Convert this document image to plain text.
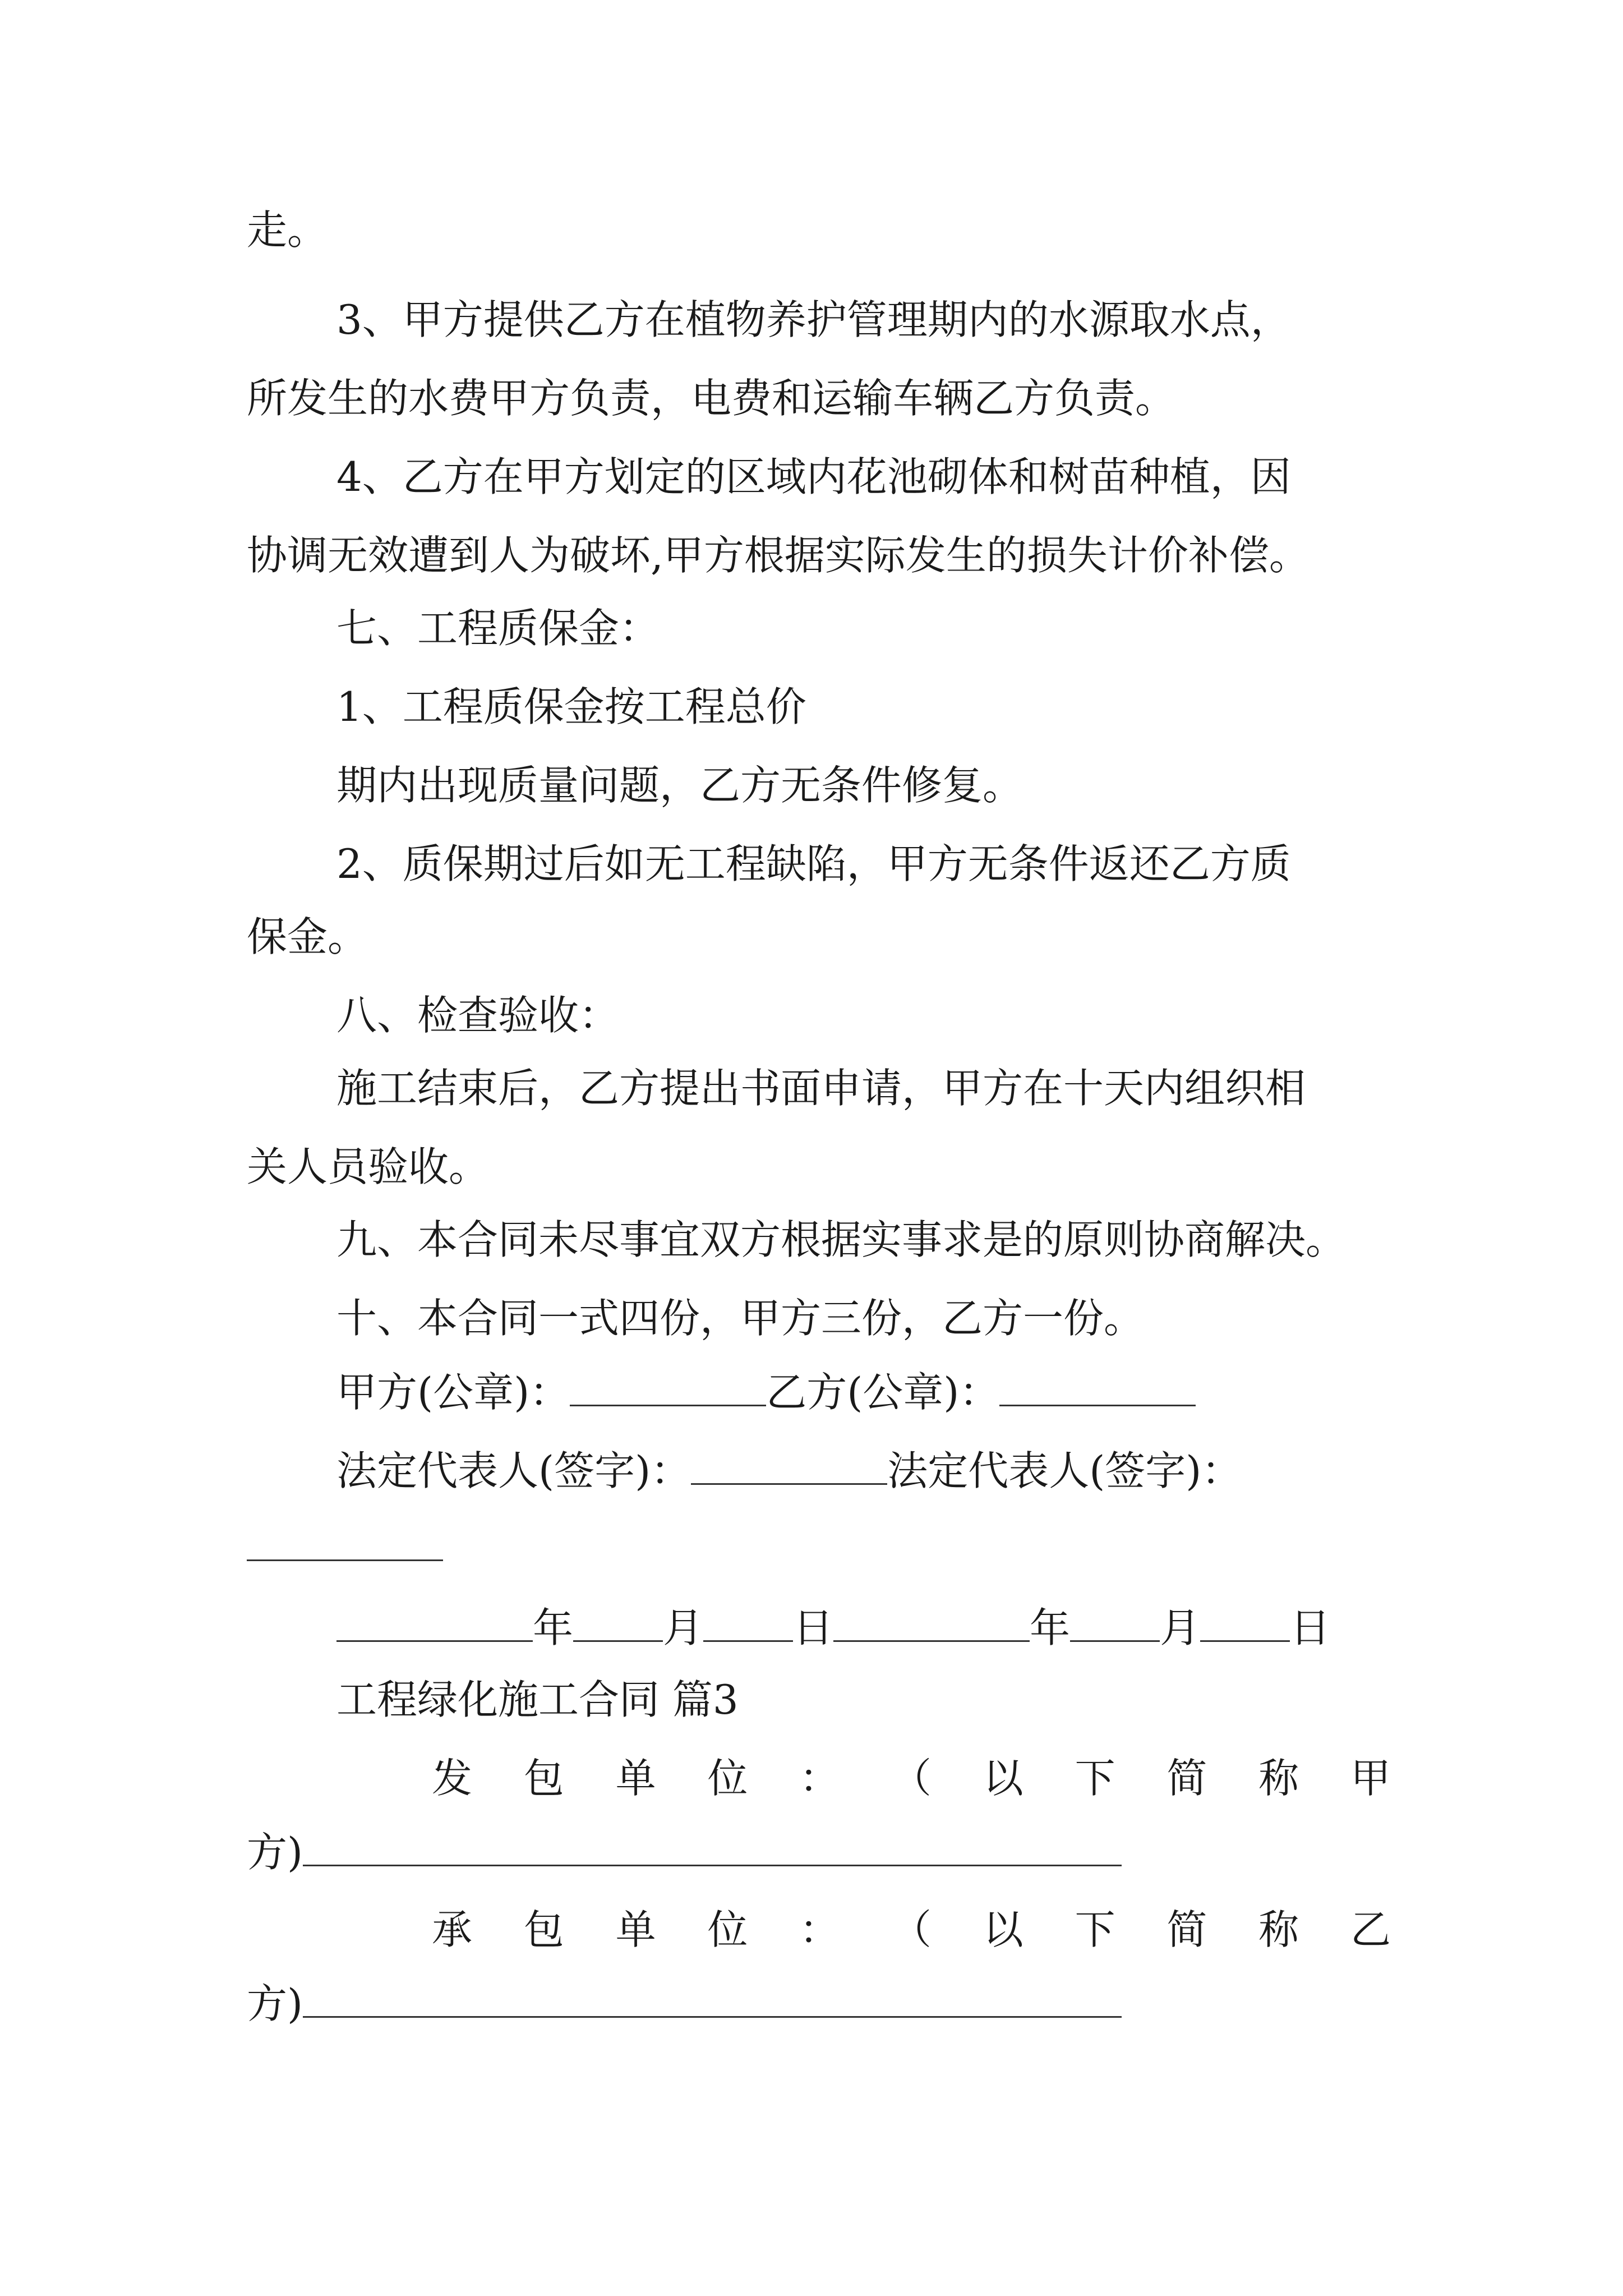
走。
3、甲方提供乙方在植物养护管理期内的水源取水点，
所发生的水费甲方负责，电费和运输车辆乙方负责。
4、乙方在甲方划定的区域内花池砌体和树苗种植，因
协调无效遭到人为破坏,甲方根据实际发生的损失计价补偿。
七、工程质保金：
1、工程质保金按工程总价
期内出现质量问题，乙方无条件修复。
2、质保期过后如无工程缺陷，甲方无条件返还乙方质
保金。
八、检查验收：
施工结束后，乙方提出书面申请，甲方在十天内组织相
关人员验收。
九、本合同未尽事宜双方根据实事求是的原则协商解决。
十、本合同一式四份，甲方三份，乙方一份。
甲方(公章)：	乙方(公章)：
法定代表人(签字)：	法定代表人(签字)：
年 月 日	年 月 日
工程绿化施工合同 篇3
发 包 单 位 ： （ 以 下 简 称 甲
方)
承 包 单 位 ： （ 以 下 简 称 乙
方)
